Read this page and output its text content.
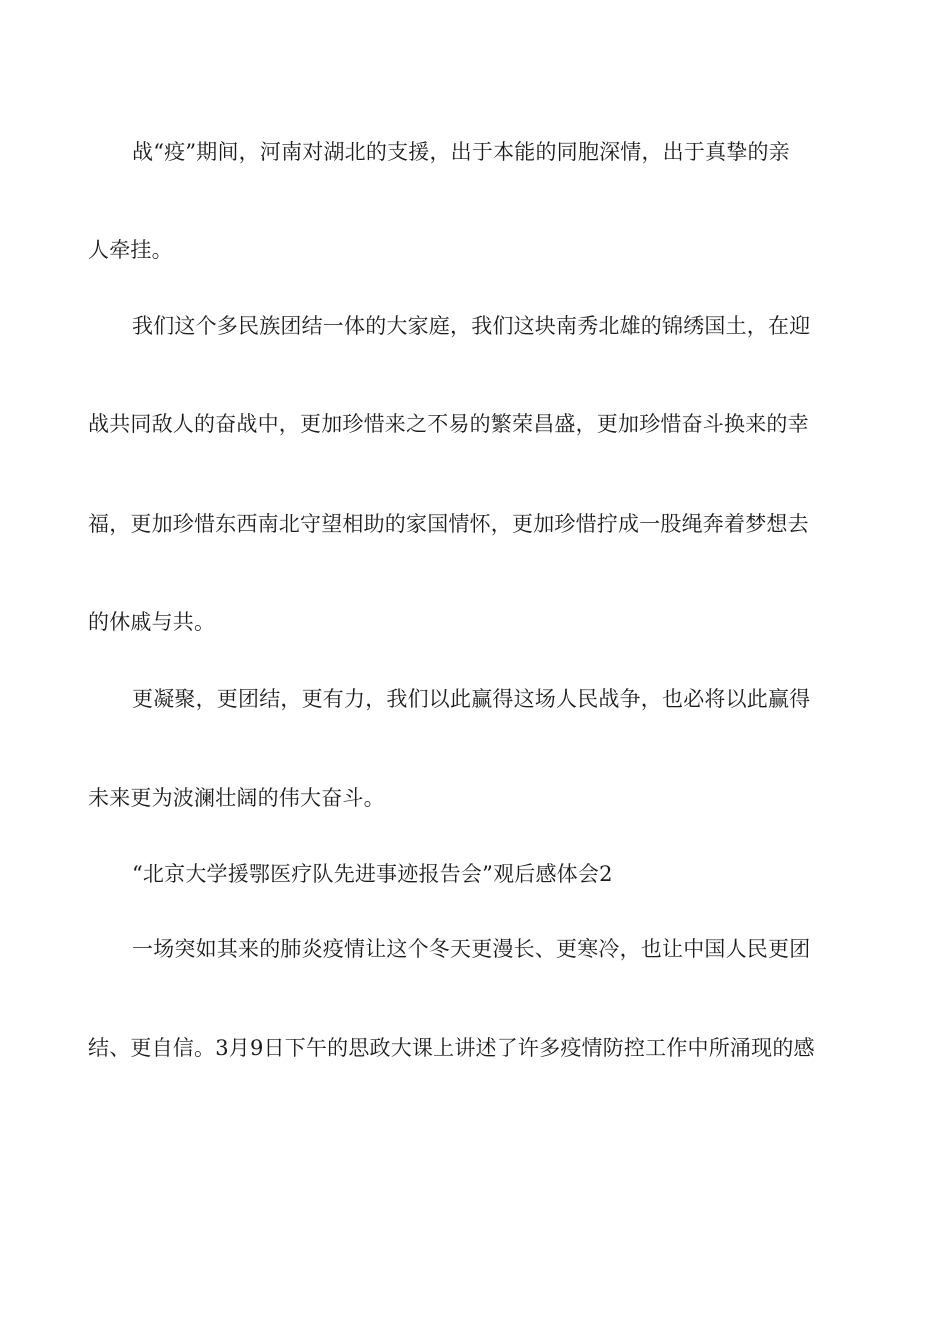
战“疫”期间，河南对湖北的支援，出于本能的同胞深情，出于真挚的亲
人牵挂。
我们这个多民族团结一体的大家庭，我们这块南秀北雄的锦绣国土，在迎
战共同敌人的奋战中，更加珍惜来之不易的繁荣昌盛，更加珍惜奋斗换来的幸
福，更加珍惜东西南北守望相助的家国情怀，更加珍惜拧成一股绳奔着梦想去
的休戚与共。
更凝聚，更团结，更有力，我们以此赢得这场人民战争，也必将以此赢得
未来更为波澜壮阔的伟大奋斗。
“北京大学援鄂医疗队先进事迹报告会”观后感体会2
一场突如其来的肺炎疫情让这个冬天更漫长、更寒冷，也让中国人民更团
结、更自信。3月9日下午的思政大课上讲述了许多疫情防控工作中所涌现的感
